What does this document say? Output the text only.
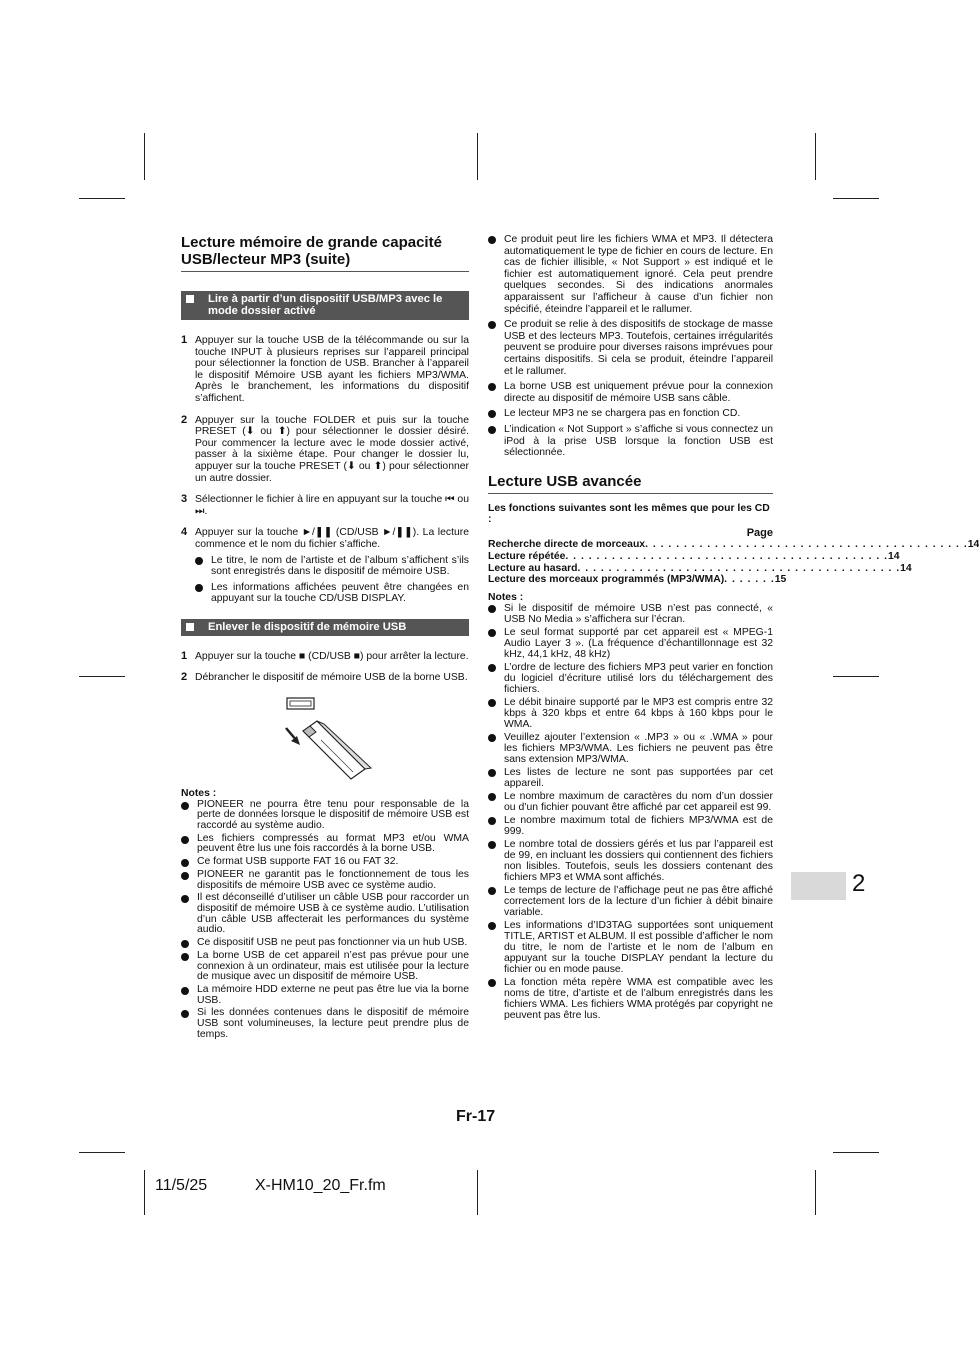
Lecture mémoire de grande capacité USB/lecteur MP3 (suite)
Lire à partir d’un dispositif USB/MP3 avec le mode dossier activé
1 Appuyer sur la touche USB de la télécommande ou sur la touche INPUT à plusieurs reprises sur l’appareil principal pour sélectionner la fonction de USB. Brancher à l’appareil le dispositif Mémoire USB ayant les fichiers MP3/WMA. Après le branchement, les informations du dispositif s’affichent.
2 Appuyer sur la touche FOLDER et puis sur la touche PRESET (⬇ ou ⬆) pour sélectionner le dossier désiré. Pour commencer la lecture avec le mode dossier activé, passer à la sixième étape. Pour changer le dossier lu, appuyer sur la touche PRESET (⬇ ou ⬆) pour sélectionner un autre dossier.
3 Sélectionner le fichier à lire en appuyant sur la touche ⏮ ou ⏭.
4 Appuyer sur la touche ►/❚❚ (CD/USB ►/❚❚). La lecture commence et le nom du fichier s’affiche.
Le titre, le nom de l’artiste et de l’album s’affichent s’ils sont enregistrés dans le dispositif de mémoire USB.
Les informations affichées peuvent être changées en appuyant sur la touche CD/USB DISPLAY.
Enlever le dispositif de mémoire USB
1 Appuyer sur la touche ■ (CD/USB ■) pour arrêter la lecture.
2 Débrancher le dispositif de mémoire USB de la borne USB.
Notes :
PIONEER ne pourra être tenu pour responsable de la perte de données lorsque le dispositif de mémoire USB est raccordé au système audio.
Les fichiers compressés au format MP3 et/ou WMA peuvent être lus une fois raccordés à la borne USB.
Ce format USB supporte FAT 16 ou FAT 32.
PIONEER ne garantit pas le fonctionnement de tous les dispositifs de mémoire USB avec ce système audio.
Il est déconseillé d’utiliser un câble USB pour raccorder un dispositif de mémoire USB à ce système audio. L’utilisation d’un câble USB affecterait les performances du système audio.
Ce dispositif USB ne peut pas fonctionner via un hub USB.
La borne USB de cet appareil n’est pas prévue pour une connexion à un ordinateur, mais est utilisée pour la lecture de musique avec un dispositif de mémoire USB.
La mémoire HDD externe ne peut pas être lue via la borne USB.
Si les données contenues dans le dispositif de mémoire USB sont volumineuses, la lecture peut prendre plus de temps.
Ce produit peut lire les fichiers WMA et MP3. Il détectera automatiquement le type de fichier en cours de lecture. En cas de fichier illisible, « Not Support » est indiqué et le fichier est automatiquement ignoré. Cela peut prendre quelques secondes. Si des indications anormales apparaissent sur l’afficheur à cause d’un fichier non spécifié, éteindre l’appareil et le rallumer.
Ce produit se relie à des dispositifs de stockage de masse USB et des lecteurs MP3. Toutefois, certaines irrégularités peuvent se produire pour diverses raisons imprévues pour certains dispositifs. Si cela se produit, éteindre l’appareil et le rallumer.
La borne USB est uniquement prévue pour la connexion directe au dispositif de mémoire USB sans câble.
Le lecteur MP3 ne se chargera pas en fonction CD.
L’indication « Not Support » s’affiche si vous connectez un iPod à la prise USB lorsque la fonction USB est sélectionnée.
Lecture USB avancée
Les fonctions suivantes sont les mêmes que pour les CD :
Page
Recherche directe de morceaux . . . . . . . . . . . . . . . . . . . . . . . . . . . . . . . . . . . . . . . . . . 14
Lecture répétée . . . . . . . . . . . . . . . . . . . . . . . . . . . . . . . . . . . . . . . . . . 14
Lecture au hasard . . . . . . . . . . . . . . . . . . . . . . . . . . . . . . . . . . . . . . . . . . 14
Lecture des morceaux programmés (MP3/WMA) . . . . . . . 15
Notes :
Si le dispositif de mémoire USB n’est pas connecté, « USB No Media » s’affichera sur l’écran.
Le seul format supporté par cet appareil est « MPEG-1 Audio Layer 3 ». (La fréquence d’échantillonnage est 32 kHz, 44,1 kHz, 48 kHz)
L’ordre de lecture des fichiers MP3 peut varier en fonction du logiciel d’écriture utilisé lors du téléchargement des fichiers.
Le débit binaire supporté par le MP3 est compris entre 32 kbps à 320 kbps et entre 64 kbps à 160 kbps pour le WMA.
Veuillez ajouter l’extension « .MP3 » ou « .WMA » pour les fichiers MP3/WMA. Les fichiers ne peuvent pas être sans extension MP3/WMA.
Les listes de lecture ne sont pas supportées par cet appareil.
Le nombre maximum de caractères du nom d’un dossier ou d’un fichier pouvant être affiché par cet appareil est 99.
Le nombre maximum total de fichiers MP3/WMA est de 999.
Le nombre total de dossiers gérés et lus par l’appareil est de 99, en incluant les dossiers qui contiennent des fichiers non lisibles. Toutefois, seuls les dossiers contenant des fichiers MP3 et WMA sont affichés.
Le temps de lecture de l’affichage peut ne pas être affiché correctement lors de la lecture d’un fichier à débit binaire variable.
Les informations d’ID3TAG supportées sont uniquement TITLE, ARTIST et ALBUM. Il est possible d’afficher le nom du titre, le nom de l’artiste et le nom de l’album en appuyant sur la touche DISPLAY pendant la lecture du fichier ou en mode pause.
La fonction méta repère WMA est compatible avec les noms de titre, d’artiste et de l’album enregistrés dans les fichiers WMA. Les fichiers WMA protégés par copyright ne peuvent pas être lus.
Fr-17
2
11/5/25	X-HM10_20_Fr.fm
